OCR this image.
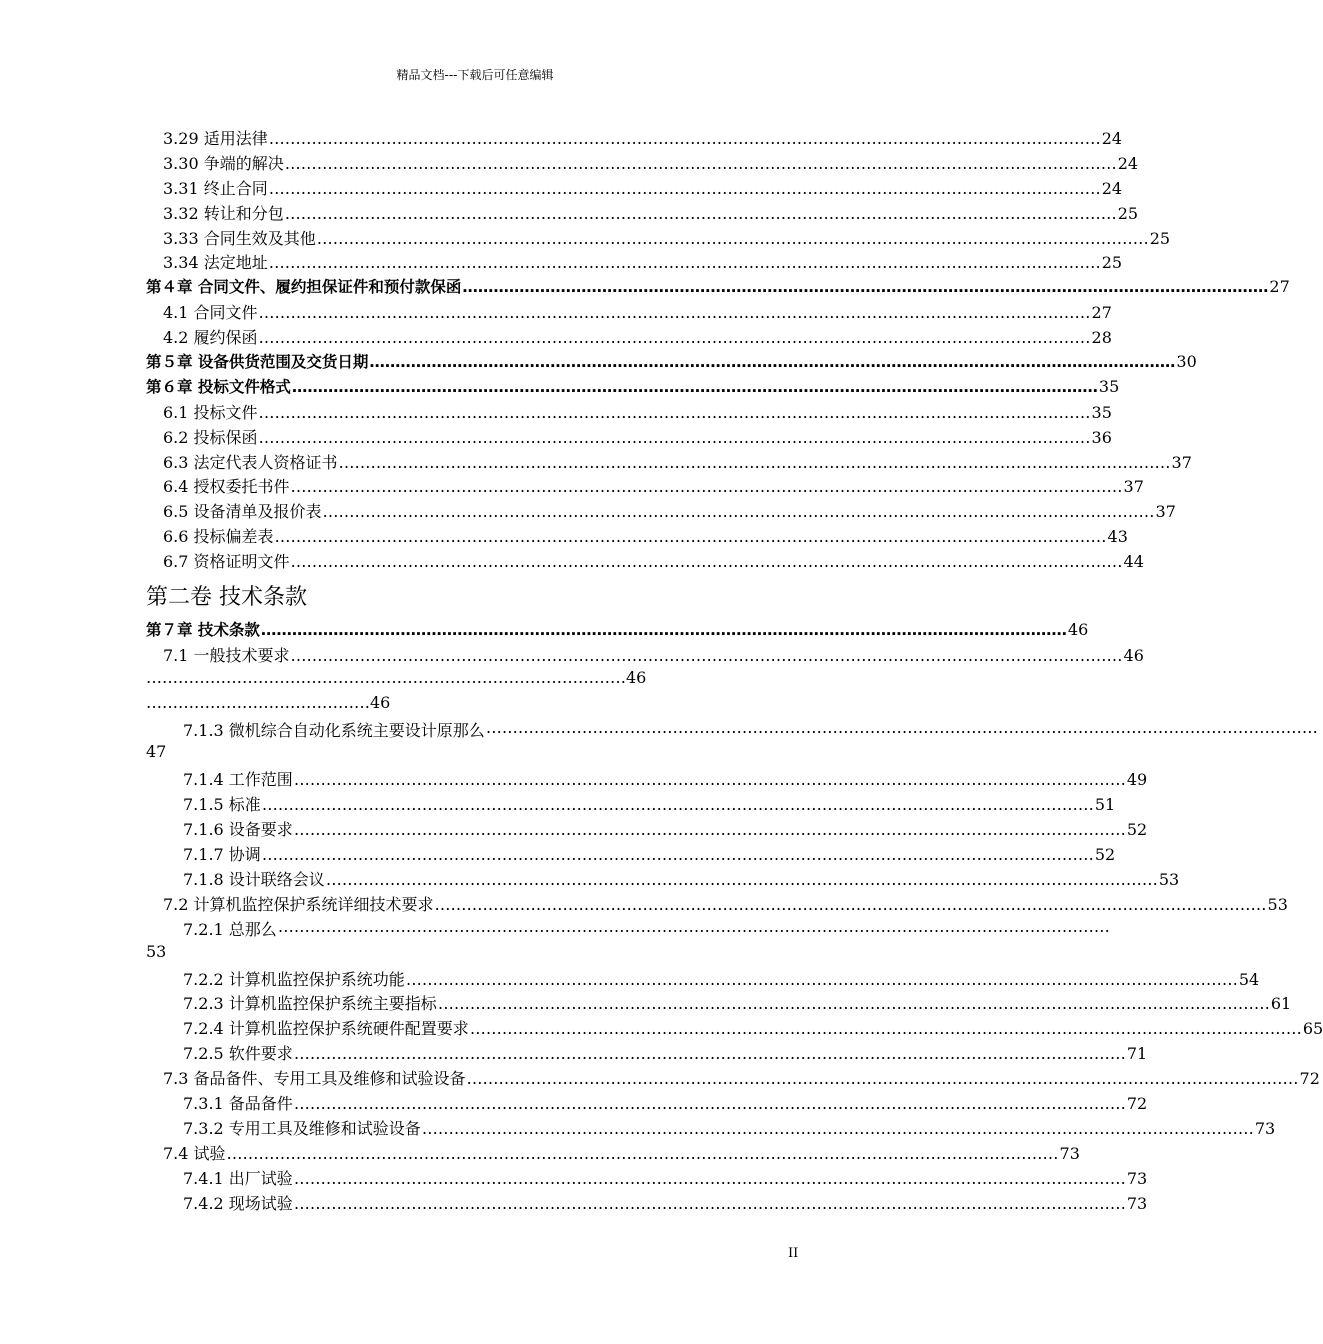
精品文档---下载后可任意编辑
3.29 适用法律 ………………………………………………………………………………………………………………………………………… 24
3.30 争端的解决 ………………………………………………………………………………………………………………………………………… 24
3.31 终止合同 ………………………………………………………………………………………………………………………………………… 24
3.32 转让和分包 ………………………………………………………………………………………………………………………………………… 25
3.33 合同生效及其他 ………………………………………………………………………………………………………………………………………… 25
3.34 法定地址 ………………………………………………………………………………………………………………………………………… 25
第４章 合同文件、履约担保证件和预付款保函 ………………………………………………………………………………………………………………………………………… 27
4.1 合同文件 ………………………………………………………………………………………………………………………………………… 27
4.2 履约保函 ………………………………………………………………………………………………………………………………………… 28
第５章 设备供货范围及交货日期 ………………………………………………………………………………………………………………………………………… 30
第６章 投标文件格式 ………………………………………………………………………………………………………………………………………… 35
6.1 投标文件 ………………………………………………………………………………………………………………………………………… 35
6.2 投标保函 ………………………………………………………………………………………………………………………………………… 36
6.3 法定代表人资格证书 ………………………………………………………………………………………………………………………………………… 37
6.4 授权委托书件 ………………………………………………………………………………………………………………………………………… 37
6.5 设备清单及报价表 ………………………………………………………………………………………………………………………………………… 37
6.6 投标偏差表 ………………………………………………………………………………………………………………………………………… 43
6.7 资格证明文件 ………………………………………………………………………………………………………………………………………… 44
第二卷 技术条款
第７章 技术条款 ………………………………………………………………………………………………………………………………………… 46
7.1 一般技术要求 ………………………………………………………………………………………………………………………………………… 46
………………………………………………………………………………46
……………………………………46
7.1.3 微机综合自动化系统主要设计原那么 …………………………………………………………………………………………………………………………………………
47
7.1.4 工作范围 ………………………………………………………………………………………………………………………………………… 49
7.1.5 标准 ………………………………………………………………………………………………………………………………………… 51
7.1.6 设备要求 ………………………………………………………………………………………………………………………………………… 52
7.1.7 协调 ………………………………………………………………………………………………………………………………………… 52
7.1.8 设计联络会议 ………………………………………………………………………………………………………………………………………… 53
7.2 计算机监控保护系统详细技术要求 ………………………………………………………………………………………………………………………………………… 53
7.2.1 总那么 …………………………………………………………………………………………………………………………………………
53
7.2.2 计算机监控保护系统功能 ………………………………………………………………………………………………………………………………………… 54
7.2.3 计算机监控保护系统主要指标 ………………………………………………………………………………………………………………………………………… 61
7.2.4 计算机监控保护系统硬件配置要求 ………………………………………………………………………………………………………………………………………… 65
7.2.5 软件要求 ………………………………………………………………………………………………………………………………………… 71
7.3 备品备件、专用工具及维修和试验设备 ………………………………………………………………………………………………………………………………………… 72
7.3.1 备品备件 ………………………………………………………………………………………………………………………………………… 72
7.3.2 专用工具及维修和试验设备 ………………………………………………………………………………………………………………………………………… 73
7.4 试验 ………………………………………………………………………………………………………………………………………… 73
7.4.1 出厂试验 ………………………………………………………………………………………………………………………………………… 73
7.4.2 现场试验 ………………………………………………………………………………………………………………………………………… 73
II
